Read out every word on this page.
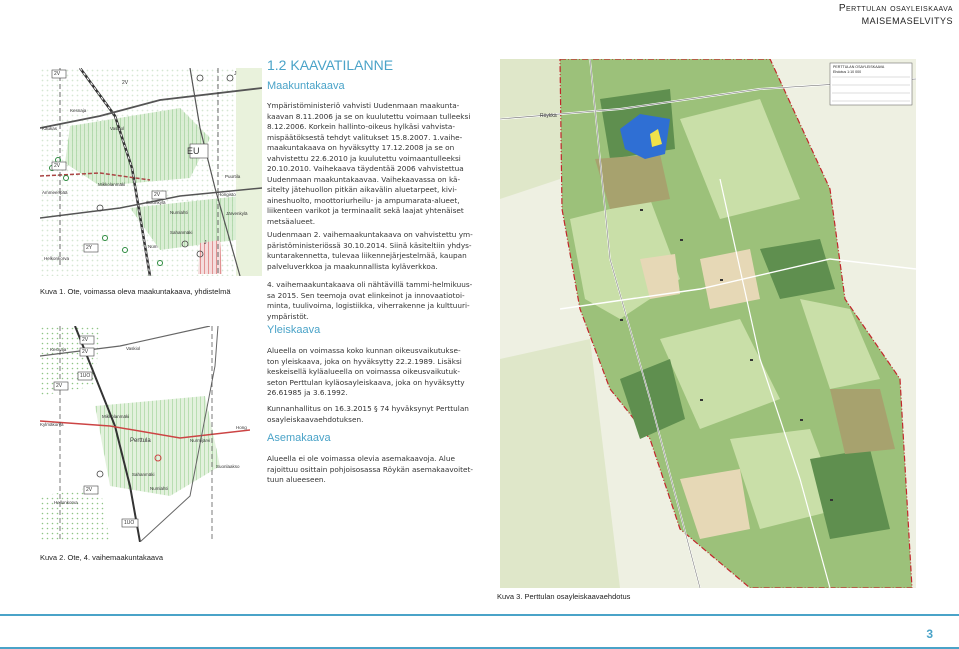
Perttulan osayleiskaava
MAISEMASELVITYS
Kaukas	Vaskiol
Puurtila
Ammeenpää
Mikkolanmäki
Sulonkylä
Hongisto
Järvenkylä
Numlahti
Sahanmäki
Helkonkorva
EU
Num
Kesnaja
J
J
2V
2V
2V
2Y
2V
Kuva 1. Ote, voimassa oleva maakuntakaava, yhdistelmä
Kesnaja	Vaskiol
Mikkolanmäki
Kylmäkorva
Perttula	Nurmijärvi
Hong
Sahanmäki
Suonlaakso
Numlahti
Hellonkorva
2V
2V
2V
2V
1UO
1UO
Kuva 2. Ote, 4. vaihemaakuntakaava
1.2 KAAVATILANNE
Maakuntakaava
Ympäristöministeriö vahvisti Uudenmaan maakunta-
kaavan 8.11.2006 ja se on kuulutettu voimaan tulleeksi
8.12.2006. Korkein hallinto-oikeus hylkäsi vahvista-
mispäätöksestä tehdyt valitukset 15.8.2007. 1.vaihe-
maakuntakaava on hyväksytty 17.12.2008 ja se on
vahvistettu 22.6.2010 ja kuulutettu voimaantulleeksi
20.10.2010. Vaihekaava täydentää 2006 vahvistettua
Uudenmaan maakuntakaavaa. Vaihekaavassa on kä-
sitelty jätehuollon pitkän aikavälin aluetarpeet, kivi-
aineshuolto, moottoriurheilu- ja ampumarata-alueet,
liikenteen varikot ja terminaalit sekä laajat yhtenäiset
metsäalueet.
Uudenmaan 2. vaihemaakuntakaava on vahvistettu ym-
päristöministeriössä 30.10.2014. Siinä käsiteltiin yhdys-
kuntarakennetta, tulevaa liikennejärjestelmää, kaupan
palveluverkkoa ja maakunnallista kyläverkkoa.
4. vaihemaakuntakaava oli nähtävillä tammi-helmikuus-
sa 2015. Sen teemoja ovat elinkeinot ja innovaatiotoi-
minta, tuulivoima, logistiikka, viherrakenne ja kulttuuri-
ympäristöt.
Yleiskaava
Alueella on voimassa koko kunnan oikeusvaikutukse-
ton yleiskaava, joka on hyväksytty 22.2.1989. Lisäksi
keskeisellä kyläalueella on voimassa oikeusvaikutuk-
seton Perttulan kyläosayleiskaava, joka on hyväksytty
26.61985 ja 3.6.1992.
Kunnanhallitus on 16.3.2015 § 74 hyväksynyt Perttulan
osayleiskaavaehdotuksen.
Asemakaava
Alueella ei ole voimassa olevia asemakaavoja. Alue
rajoittuu osittain pohjoisosassa Röykän asemakaavoitet-
tuun alueeseen.
Röykkä
PERTTULAN OSAYLEISKAAVA
Ehdotus 1:10 000
Kuva 3. Perttulan osayleiskaavaehdotus
3
